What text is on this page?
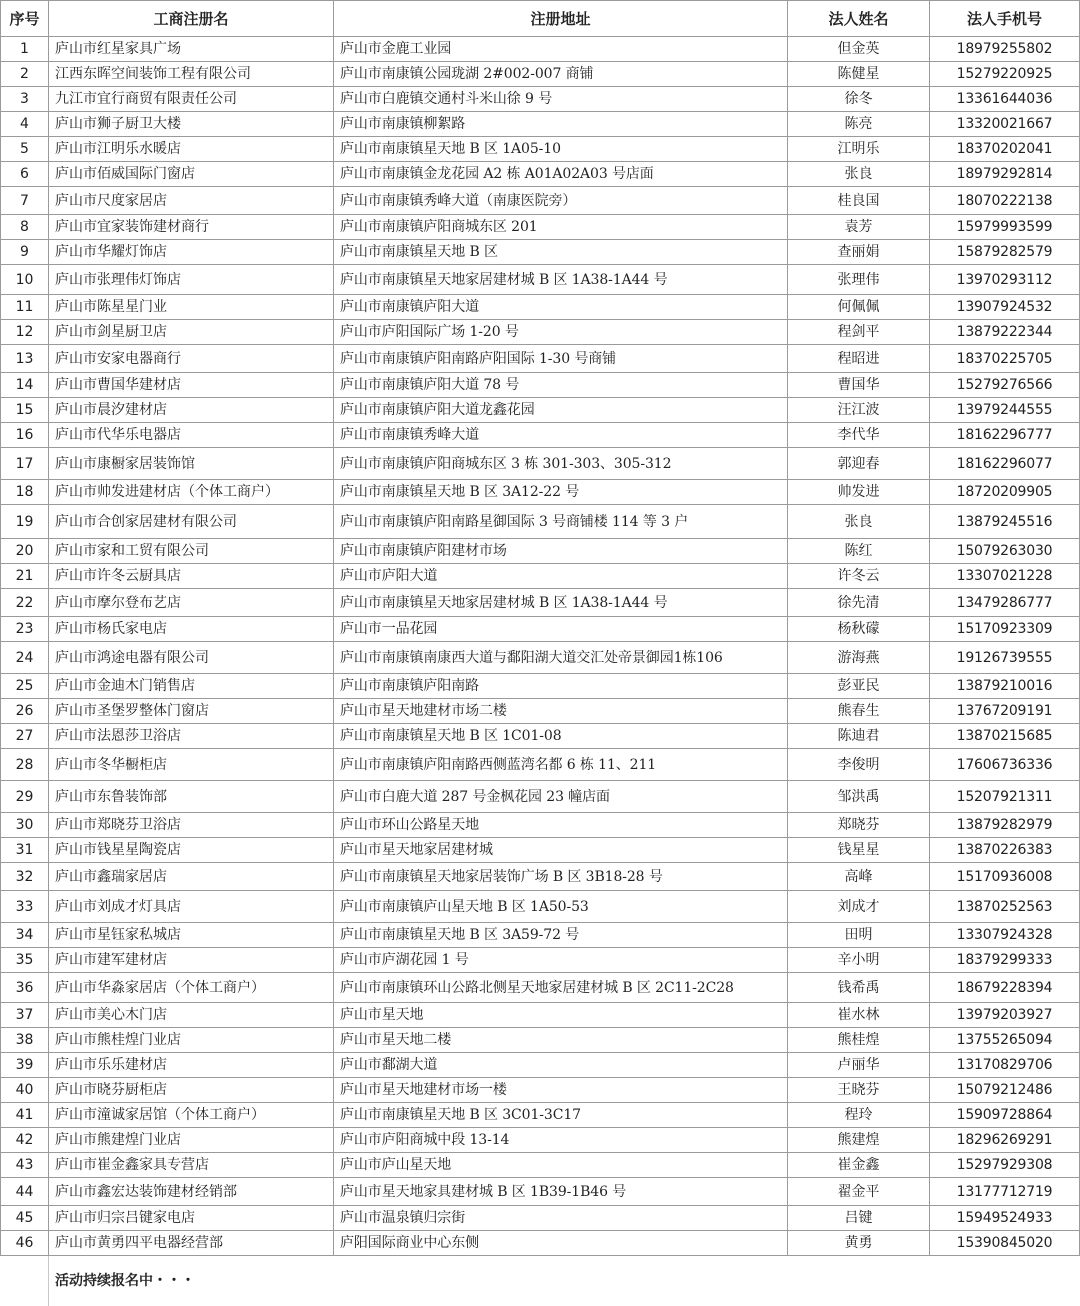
序号	工商注册名	注册地址	法人姓名	法人手机号
1	庐山市红星家具广场	庐山市金鹿工业园	但金英	18979255802
2	江西东晖空间装饰工程有限公司	庐山市南康镇公园珑湖 2#002-007 商铺	陈健星	15279220925
3	九江市宜行商贸有限责任公司	庐山市白鹿镇交通村斗米山徐 9 号	徐冬	13361644036
4	庐山市狮子厨卫大楼	庐山市南康镇柳絮路	陈亮	13320021667
5	庐山市江明乐水暖店	庐山市南康镇星天地 B 区 1A05-10	江明乐	18370202041
6	庐山市佰威国际门窗店	庐山市南康镇金龙花园 A2 栋 A01A02A03 号店面	张良	18979292814
7	庐山市尺度家居店	庐山市南康镇秀峰大道（南康医院旁）	桂良国	18070222138
8	庐山市宜家装饰建材商行	庐山市南康镇庐阳商城东区 201	袁芳	15979993599
9	庐山市华耀灯饰店	庐山市南康镇星天地 B 区	查丽娟	15879282579
10	庐山市张理伟灯饰店	庐山市南康镇星天地家居建材城 B 区 1A38-1A44 号	张理伟	13970293112
11	庐山市陈星星门业	庐山市南康镇庐阳大道	何佩佩	13907924532
12	庐山市剑星厨卫店	庐山市庐阳国际广场 1-20 号	程剑平	13879222344
13	庐山市安家电器商行	庐山市南康镇庐阳南路庐阳国际 1-30 号商铺	程昭进	18370225705
14	庐山市曹国华建材店	庐山市南康镇庐阳大道 78 号	曹国华	15279276566
15	庐山市晨汐建材店	庐山市南康镇庐阳大道龙鑫花园	汪江波	13979244555
16	庐山市代华乐电器店	庐山市南康镇秀峰大道	李代华	18162296777
17	庐山市康橱家居装饰馆	庐山市南康镇庐阳商城东区 3 栋 301-303、305-312	郭迎春	18162296077
18	庐山市帅发进建材店（个体工商户）	庐山市南康镇星天地 B 区 3A12-22 号	帅发进	18720209905
19	庐山市合创家居建材有限公司	庐山市南康镇庐阳南路星御国际 3 号商铺楼 114 等 3 户	张良	13879245516
20	庐山市家和工贸有限公司	庐山市南康镇庐阳建材市场	陈红	15079263030
21	庐山市许冬云厨具店	庐山市庐阳大道	许冬云	13307021228
22	庐山市摩尔登布艺店	庐山市南康镇星天地家居建材城 B 区 1A38-1A44 号	徐先清	13479286777
23	庐山市杨氏家电店	庐山市一品花园	杨秋礞	15170923309
24	庐山市鸿途电器有限公司	庐山市南康镇南康西大道与鄱阳湖大道交汇处帝景御园1栋106	游海燕	19126739555
25	庐山市金迪木门销售店	庐山市南康镇庐阳南路	彭亚民	13879210016
26	庐山市圣堡罗整体门窗店	庐山市星天地建材市场二楼	熊春生	13767209191
27	庐山市法恩莎卫浴店	庐山市南康镇星天地 B 区 1C01-08	陈迪君	13870215685
28	庐山市冬华橱柜店	庐山市南康镇庐阳南路西侧蓝湾名都 6 栋 11、211	李俊明	17606736336
29	庐山市东鲁装饰部	庐山市白鹿大道 287 号金枫花园 23 幢店面	邹洪禹	15207921311
30	庐山市郑晓芬卫浴店	庐山市环山公路星天地	郑晓芬	13879282979
31	庐山市钱星星陶瓷店	庐山市星天地家居建材城	钱星星	13870226383
32	庐山市鑫瑞家居店	庐山市南康镇星天地家居装饰广场 B 区 3B18-28 号	高峰	15170936008
33	庐山市刘成才灯具店	庐山市南康镇庐山星天地 B 区 1A50-53	刘成才	13870252563
34	庐山市星钰家私城店	庐山市南康镇星天地 B 区 3A59-72 号	田明	13307924328
35	庐山市建军建材店	庐山市庐湖花园 1 号	辛小明	18379299333
36	庐山市华淼家居店（个体工商户）	庐山市南康镇环山公路北侧星天地家居建材城 B 区 2C11-2C28	钱希禹	18679228394
37	庐山市美心木门店	庐山市星天地	崔水林	13979203927
38	庐山市熊桂煌门业店	庐山市星天地二楼	熊桂煌	13755265094
39	庐山市乐乐建材店	庐山市鄱湖大道	卢丽华	13170829706
40	庐山市晓芬厨柜店	庐山市星天地建材市场一楼	王晓芬	15079212486
41	庐山市潼诚家居馆（个体工商户）	庐山市南康镇星天地 B 区 3C01-3C17	程玲	15909728864
42	庐山市熊建煌门业店	庐山市庐阳商城中段 13-14	熊建煌	18296269291
43	庐山市崔金鑫家具专营店	庐山市庐山星天地	崔金鑫	15297929308
44	庐山市鑫宏达装饰建材经销部	庐山市星天地家具建材城 B 区 1B39-1B46 号	翟金平	13177712719
45	庐山市归宗吕键家电店	庐山市温泉镇归宗街	吕键	15949524933
46	庐山市黄勇四平电器经营部	庐阳国际商业中心东侧	黄勇	15390845020
	活动持续报名中・・・			
